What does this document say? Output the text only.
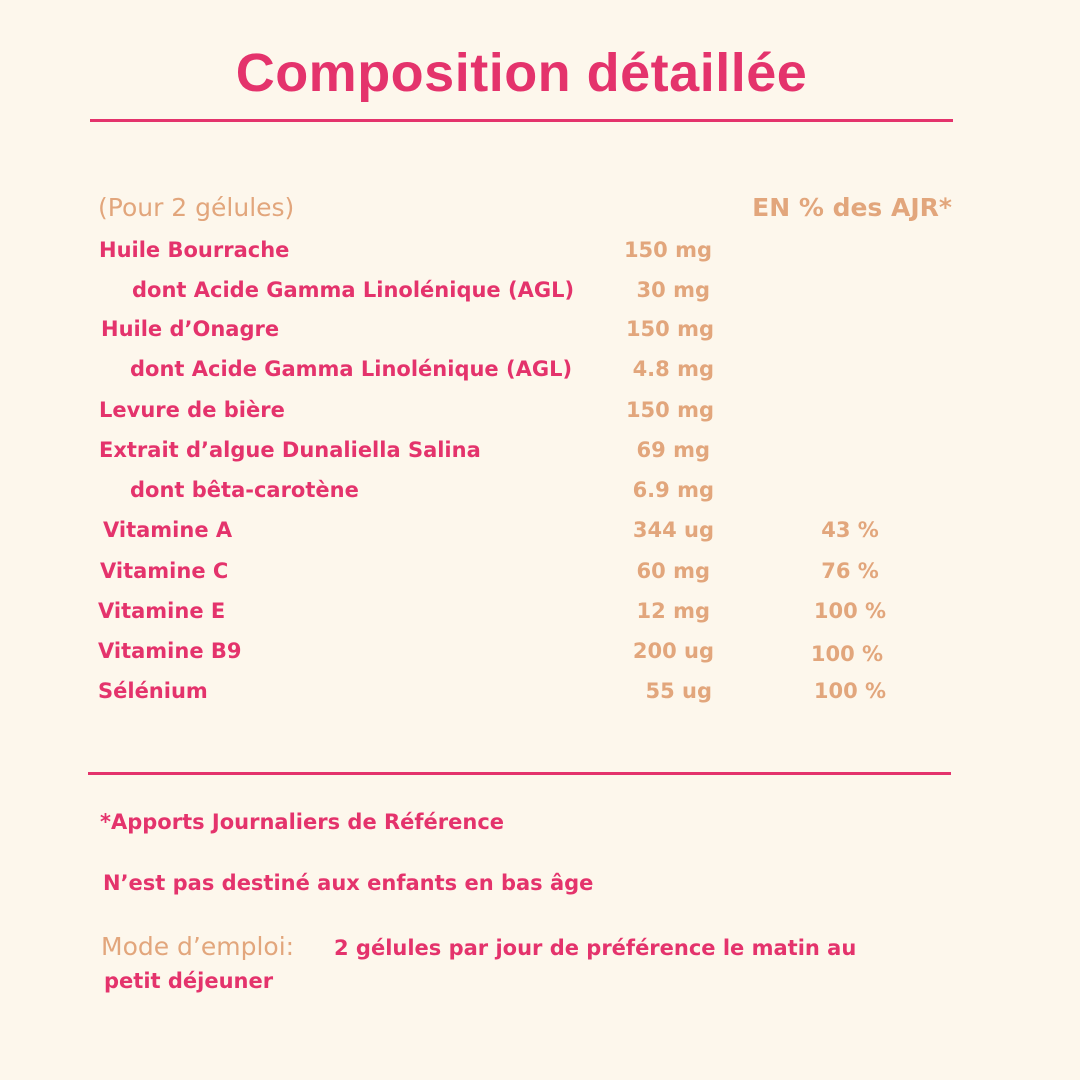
Composition détaillée
(Pour 2 gélules)	EN % des AJR*
Huile Bourrache	150 mg
dont Acide Gamma Linolénique (AGL)	30 mg
Huile d’Onagre	150 mg
dont Acide Gamma Linolénique (AGL)	4.8 mg
Levure de bière	150 mg
Extrait d’algue Dunaliella Salina	69 mg
dont bêta-carotène	6.9 mg
Vitamine A	344 ug	43 %
Vitamine C	60 mg	76 %
Vitamine E	12 mg	100 %
Vitamine B9	200 ug	100 %
Sélénium	55 ug	100 %
*Apports Journaliers de Référence
N’est pas destiné aux enfants en bas âge
Mode d’emploi:	2 gélules par jour de préférence le matin au petit déjeuner
